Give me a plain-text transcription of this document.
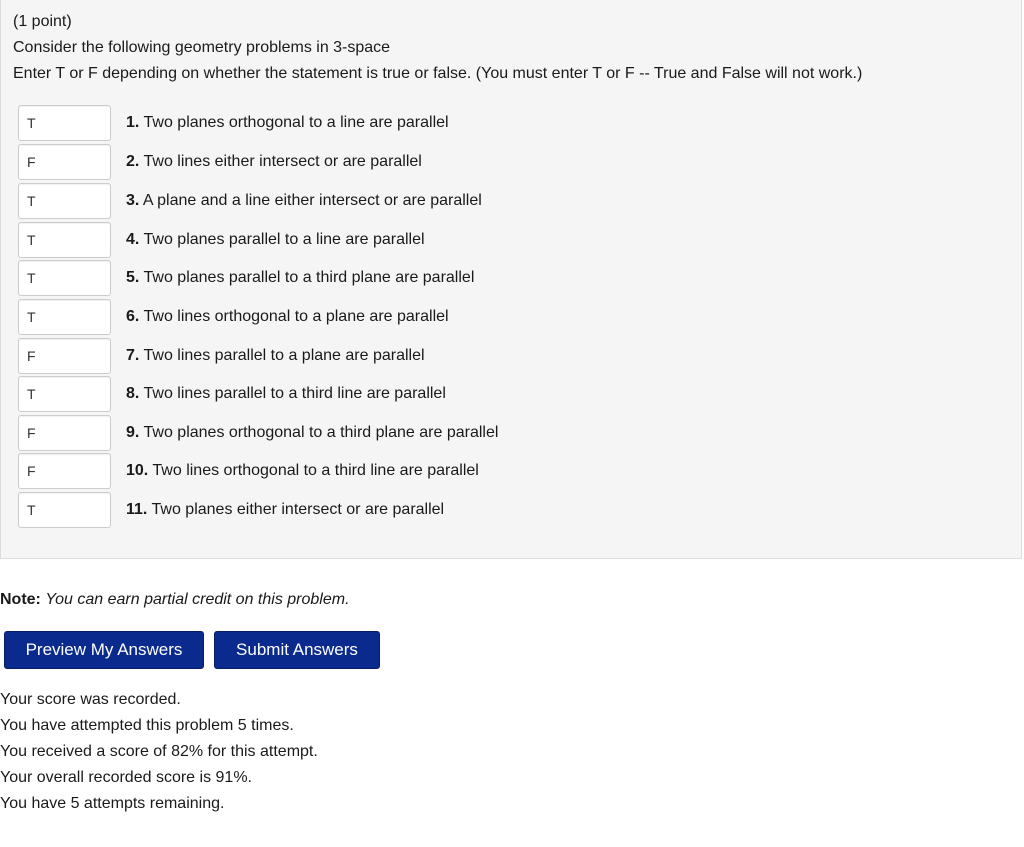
(1 point)
Consider the following geometry problems in 3-space
Enter T or F depending on whether the statement is true or false. (You must enter T or F -- True and False will not work.)
T
1. Two planes orthogonal to a line are parallel
F
2. Two lines either intersect or are parallel
T
3. A plane and a line either intersect or are parallel
T
4. Two planes parallel to a line are parallel
T
5. Two planes parallel to a third plane are parallel
T
6. Two lines orthogonal to a plane are parallel
F
7. Two lines parallel to a plane are parallel
T
8. Two lines parallel to a third line are parallel
F
9. Two planes orthogonal to a third plane are parallel
F
10. Two lines orthogonal to a third line are parallel
T
11. Two planes either intersect or are parallel
Note: You can earn partial credit on this problem.
Preview My Answers	Submit Answers
Your score was recorded.
You have attempted this problem 5 times.
You received a score of 82% for this attempt.
Your overall recorded score is 91%.
You have 5 attempts remaining.
